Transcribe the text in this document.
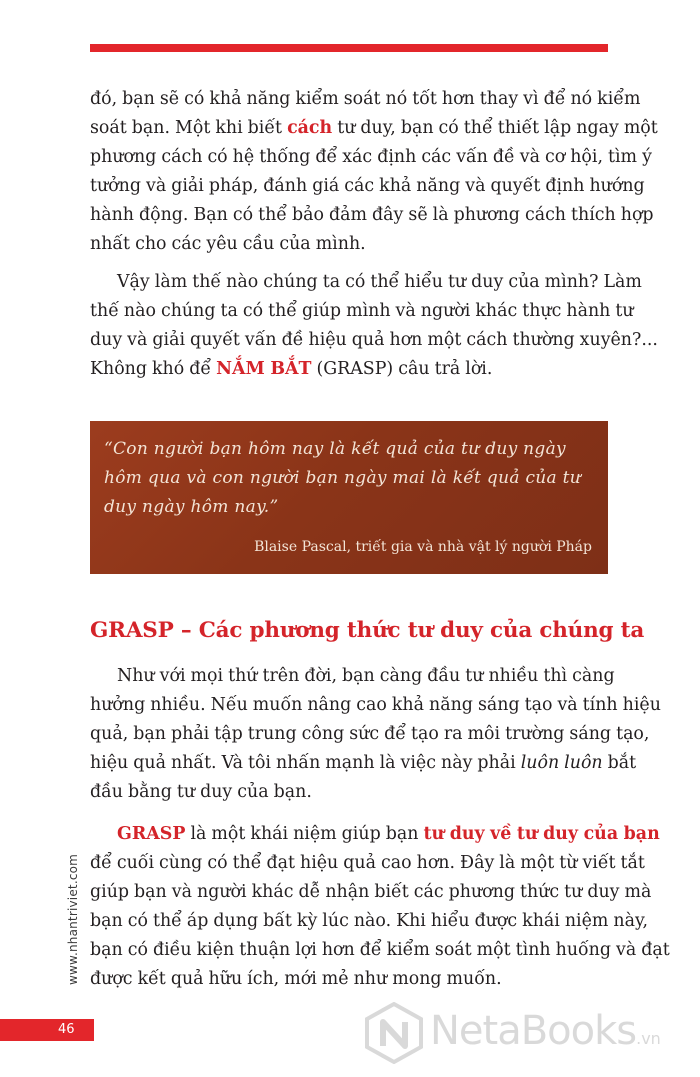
đó, bạn sẽ có khả năng kiểm soát nó tốt hơn thay vì để nó kiểm
soát bạn. Một khi biết cách tư duy, bạn có thể thiết lập ngay một
phương cách có hệ thống để xác định các vấn đề và cơ hội, tìm ý
tưởng và giải pháp, đánh giá các khả năng và quyết định hướng
hành động. Bạn có thể bảo đảm đây sẽ là phương cách thích hợp
nhất cho các yêu cầu của mình.

Vậy làm thế nào chúng ta có thể hiểu tư duy của mình? Làm
thế nào chúng ta có thể giúp mình và người khác thực hành tư
duy và giải quyết vấn đề hiệu quả hơn một cách thường xuyên?...
Không khó để NẮM BẮT (GRASP) câu trả lời.

“Con người bạn hôm nay là kết quả của tư duy ngày
hôm qua và con người bạn ngày mai là kết quả của tư
duy ngày hôm nay.”
Blaise Pascal, triết gia và nhà vật lý người Pháp
GRASP – Các phương thức tư duy của chúng ta

Như với mọi thứ trên đời, bạn càng đầu tư nhiều thì càng
hưởng nhiều. Nếu muốn nâng cao khả năng sáng tạo và tính hiệu
quả, bạn phải tập trung công sức để tạo ra môi trường sáng tạo,
hiệu quả nhất. Và tôi nhấn mạnh là việc này phải luôn luôn bắt
đầu bằng tư duy của bạn.

GRASP là một khái niệm giúp bạn tư duy về tư duy của bạn
để cuối cùng có thể đạt hiệu quả cao hơn. Đây là một từ viết tắt
giúp bạn và người khác dễ nhận biết các phương thức tư duy mà
bạn có thể áp dụng bất kỳ lúc nào. Khi hiểu được khái niệm này,
bạn có điều kiện thuận lợi hơn để kiểm soát một tình huống và đạt
được kết quả hữu ích, mới mẻ như mong muốn.

www.nhantriviet.com
46	NetaBooks.vn
